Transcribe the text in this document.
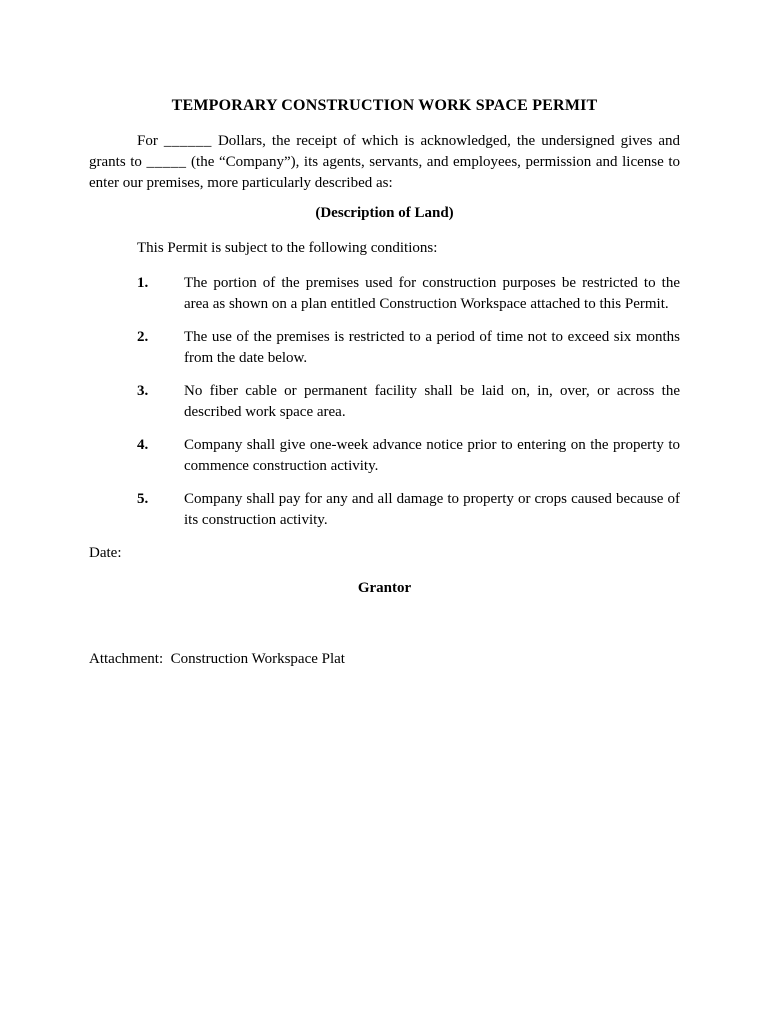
TEMPORARY CONSTRUCTION WORK SPACE PERMIT

For ______ Dollars, the receipt of which is acknowledged, the undersigned gives and grants to _____ (the “Company”), its agents, servants, and employees, permission and license to enter our premises, more particularly described as:

(Description of Land)

This Permit is subject to the following conditions:

1. The portion of the premises used for construction purposes be restricted to the area as shown on a plan entitled Construction Workspace attached to this Permit.
2. The use of the premises is restricted to a period of time not to exceed six months from the date below.
3. No fiber cable or permanent facility shall be laid on, in, over, or across the described work space area.
4. Company shall give one-week advance notice prior to entering on the property to commence construction activity.
5. Company shall pay for any and all damage to property or crops caused because of its construction activity.
Date:
Grantor
Attachment:  Construction Workspace Plat
